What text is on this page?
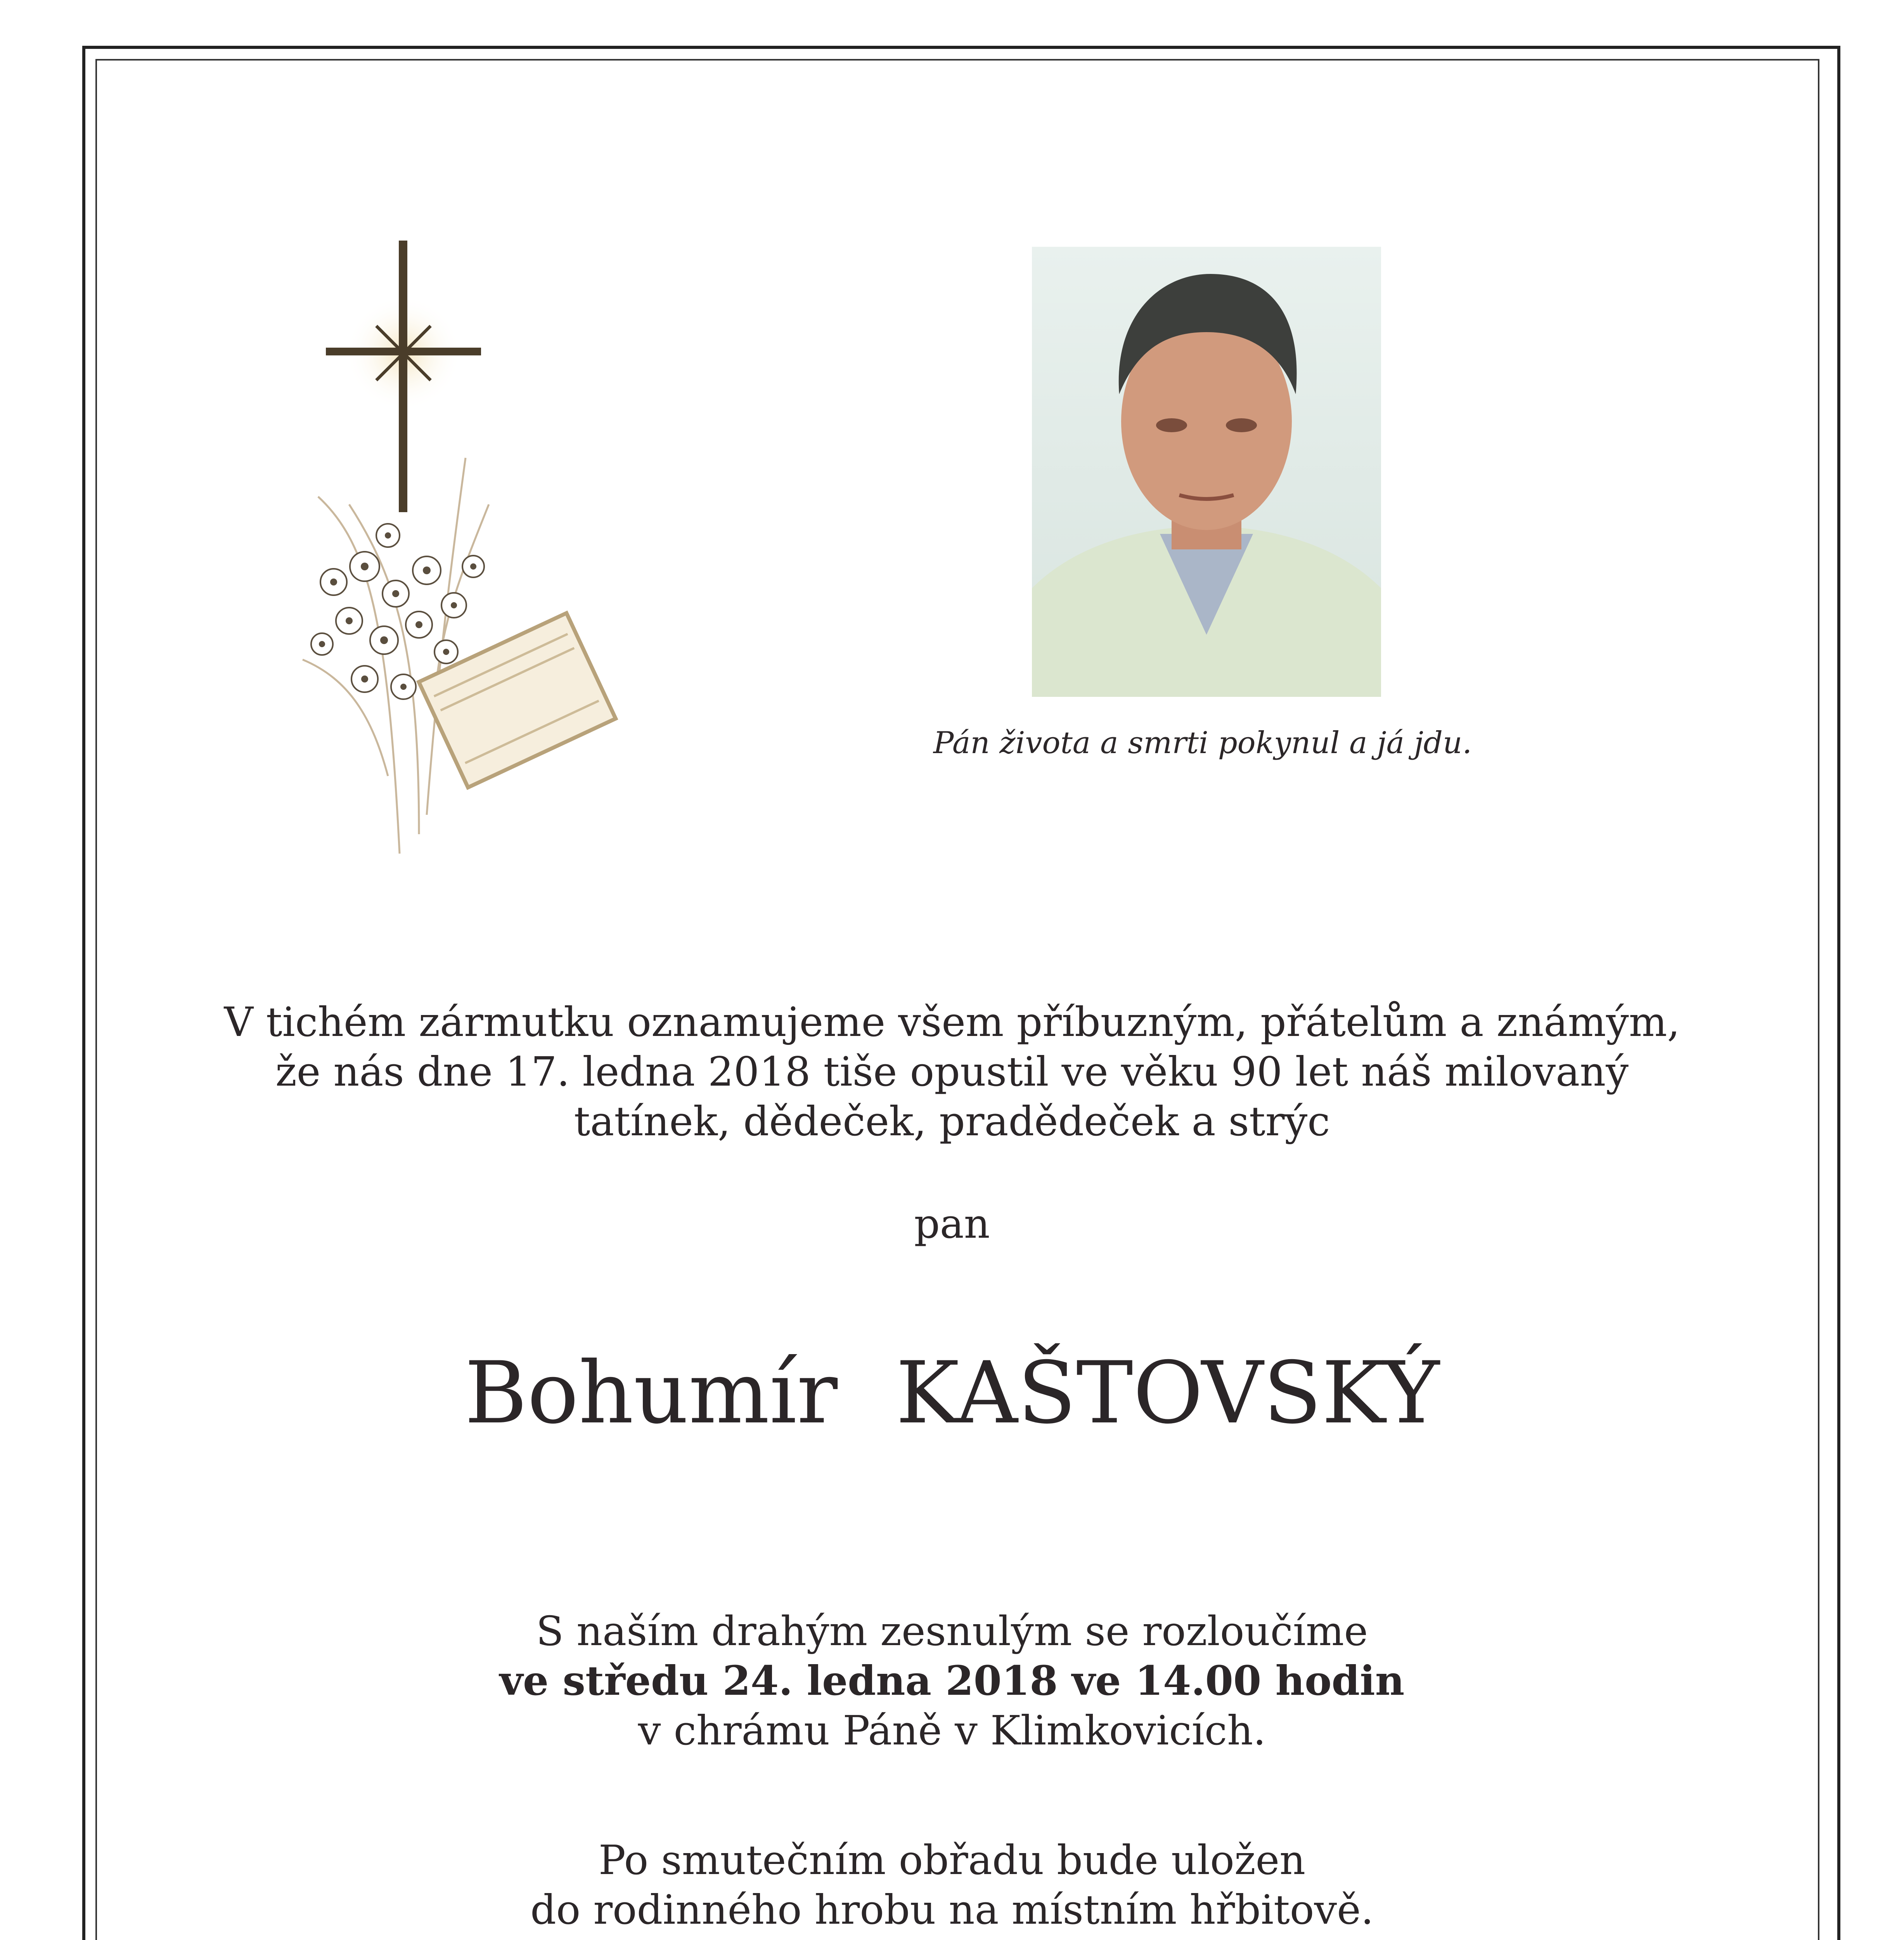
Pán života a smrti pokynul a já jdu.
V tichém zármutku oznamujeme všem příbuzným, přátelům a známým,
že nás dne 17. ledna 2018 tiše opustil ve věku 90 let náš milovaný
tatínek, dědeček, pradědeček a strýc
pan
Bohumír KAŠTOVSKÝ
S naším drahým zesnulým se rozloučíme
ve středu 24. ledna 2018 ve 14.00 hodin
v chrámu Páně v Klimkovicích.
Po smutečním obřadu bude uložen
do rodinného hrobu na místním hřbitově.
